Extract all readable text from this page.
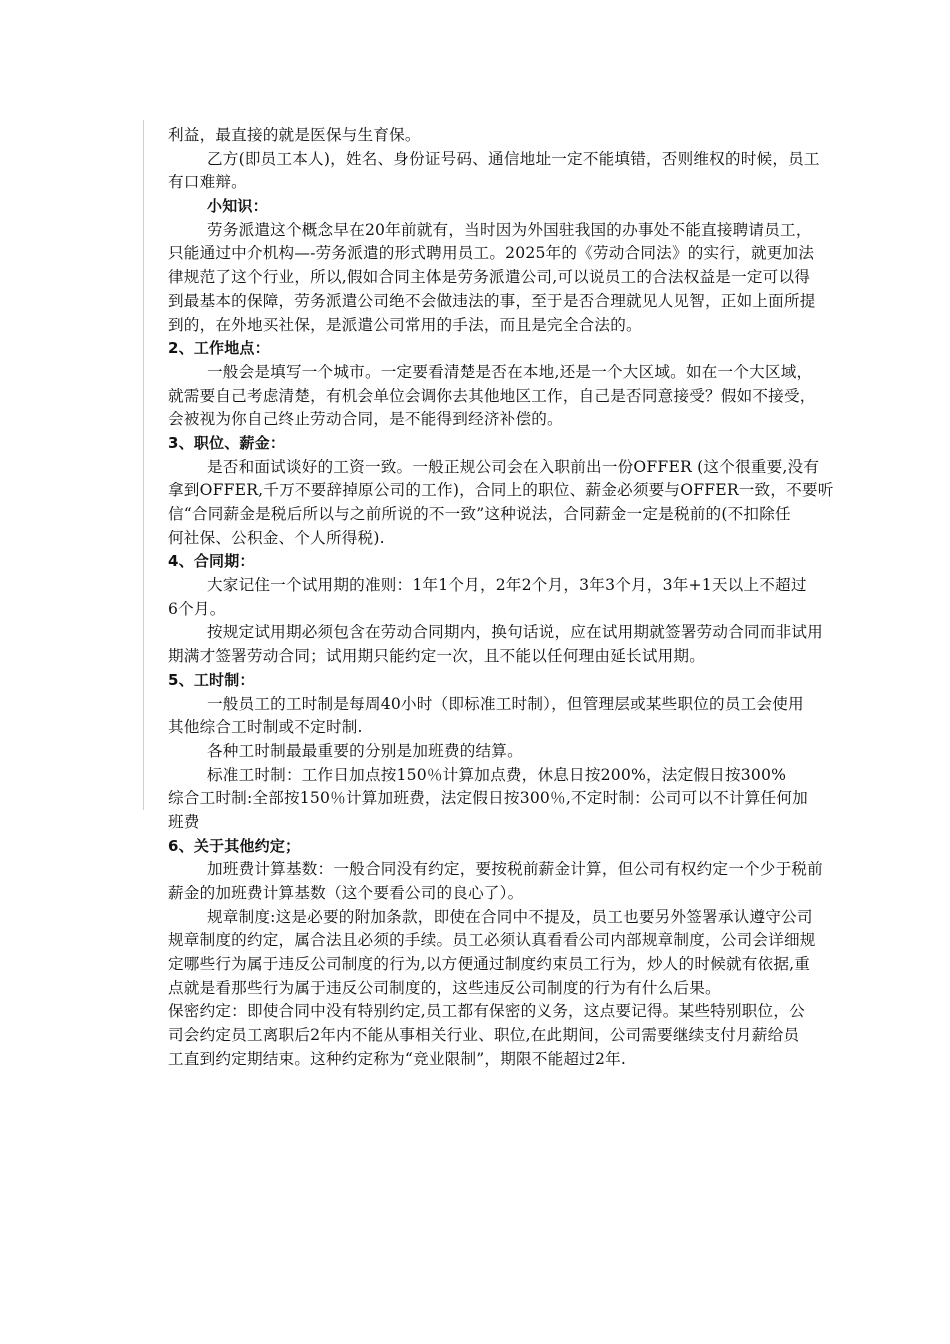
利益，最直接的就是医保与生育保。
乙方(即员工本人)，姓名、身份证号码、通信地址一定不能填错，否则维权的时候，员工
有口难辩。
小知识：
劳务派遣这个概念早在20年前就有，当时因为外国驻我国的办事处不能直接聘请员工，
只能通过中介机构—-劳务派遣的形式聘用员工。2025年的《劳动合同法》的实行，就更加法
律规范了这个行业，所以,假如合同主体是劳务派遣公司,可以说员工的合法权益是一定可以得
到最基本的保障，劳务派遣公司绝不会做违法的事，至于是否合理就见人见智，正如上面所提
到的，在外地买社保，是派遣公司常用的手法，而且是完全合法的。
2、工作地点：
一般会是填写一个城市。一定要看清楚是否在本地,还是一个大区域。如在一个大区域，
就需要自己考虑清楚，有机会单位会调你去其他地区工作，自己是否同意接受？假如不接受，
会被视为你自己终止劳动合同，是不能得到经济补偿的。
3、职位、薪金：
是否和面试谈好的工资一致。一般正规公司会在入职前出一份OFFER (这个很重要,没有
拿到OFFER,千万不要辞掉原公司的工作)，合同上的职位、薪金必须要与OFFER一致，不要听
信“合同薪金是税后所以与之前所说的不一致”这种说法，合同薪金一定是税前的(不扣除任
何社保、公积金、个人所得税).
4、合同期：
大家记住一个试用期的准则：1年1个月，2年2个月，3年3个月，3年+1天以上不超过
6个月。
按规定试用期必须包含在劳动合同期内，换句话说，应在试用期就签署劳动合同而非试用
期满才签署劳动合同；试用期只能约定一次，且不能以任何理由延长试用期。
5、工时制：
一般员工的工时制是每周40小时（即标准工时制），但管理层或某些职位的员工会使用
其他综合工时制或不定时制.
各种工时制最最重要的分别是加班费的结算。
标准工时制：工作日加点按150％计算加点费，休息日按200%，法定假日按300%
综合工时制:全部按150％计算加班费，法定假日按300％,不定时制：公司可以不计算任何加
班费
6、关于其他约定；
加班费计算基数：一般合同没有约定，要按税前薪金计算，但公司有权约定一个少于税前
薪金的加班费计算基数（这个要看公司的良心了）。
规章制度:这是必要的附加条款，即使在合同中不提及，员工也要另外签署承认遵守公司
规章制度的约定，属合法且必须的手续。员工必须认真看看公司内部规章制度，公司会详细规
定哪些行为属于违反公司制度的行为,以方便通过制度约束员工行为，炒人的时候就有依据,重
点就是看那些行为属于违反公司制度的，这些违反公司制度的行为有什么后果。
保密约定：即使合同中没有特别约定,员工都有保密的义务，这点要记得。某些特别职位，公
司会约定员工离职后2年内不能从事相关行业、职位,在此期间，公司需要继续支付月薪给员
工直到约定期结束。这种约定称为“竞业限制”，期限不能超过2年.
